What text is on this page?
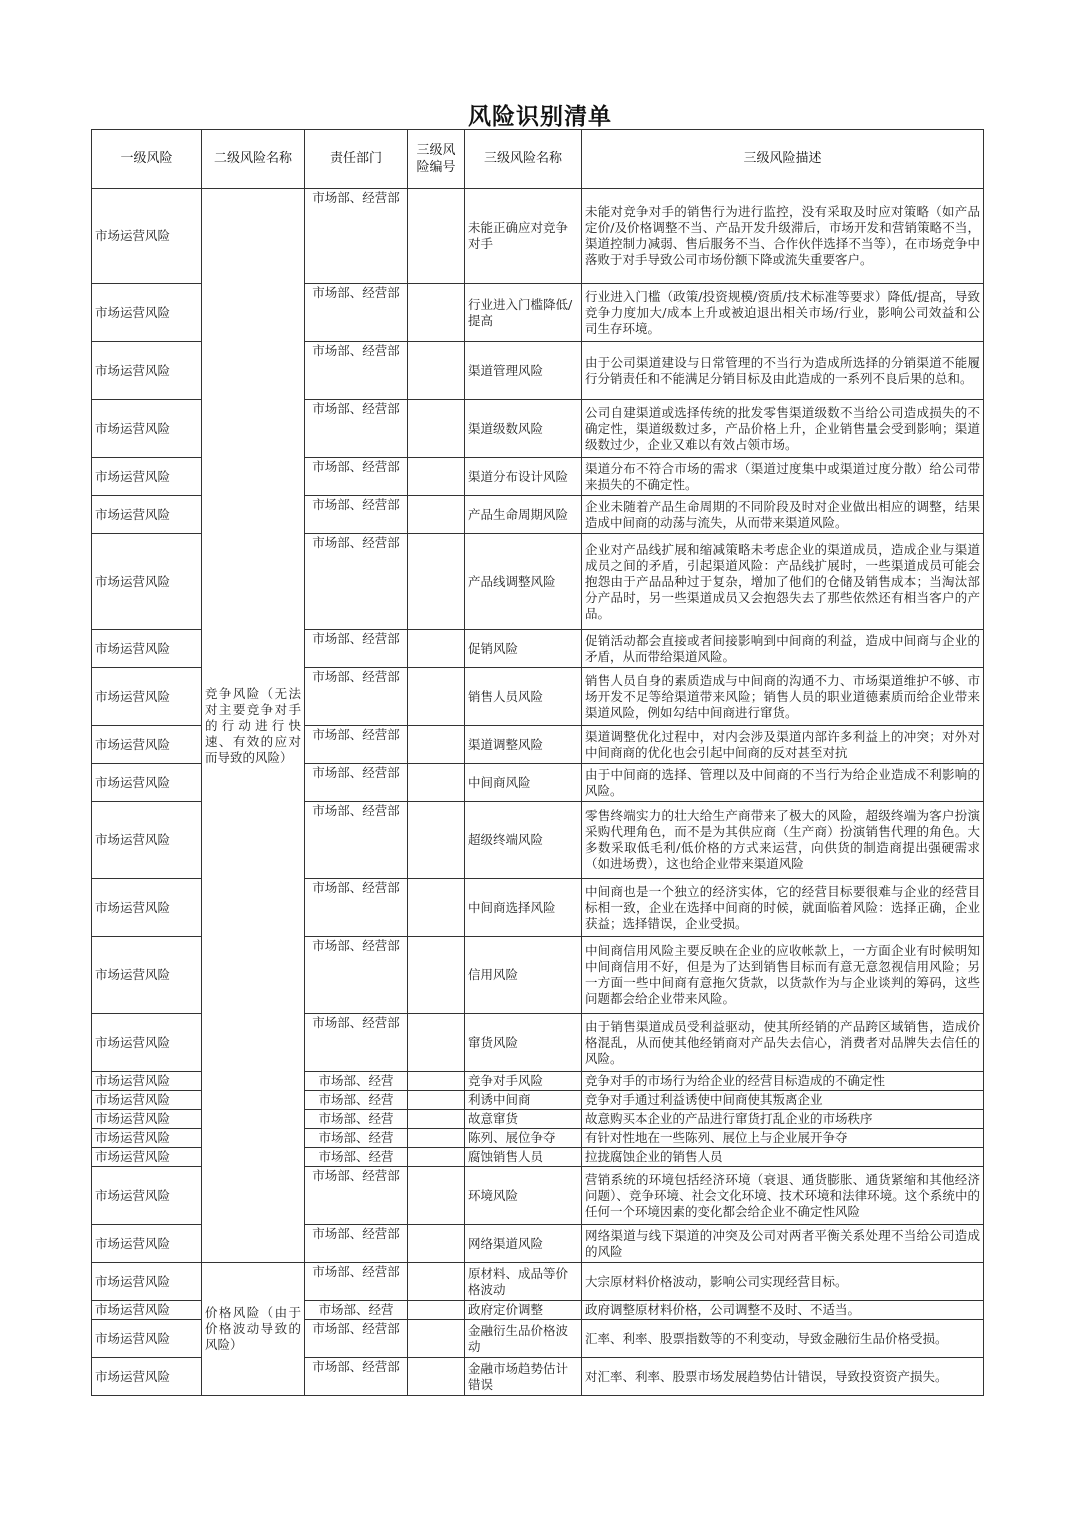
风险识别清单
一级风险	二级风险名称	责任部门	三级风险编号	三级风险名称	三级风险描述
市场运营风险	竞争风险（无法对主要竞争对手的行动进行快速、有效的应对而导致的风险）	市场部、经营部		未能正确应对竞争对手	未能对竞争对手的销售行为进行监控，没有采取及时应对策略（如产品定价/及价格调整不当、产品开发升级滞后，市场开发和营销策略不当，渠道控制力减弱、售后服务不当、合作伙伴选择不当等），在市场竞争中落败于对手导致公司市场份额下降或流失重要客户。

市场运营风险		市场部、经营部		行业进入门槛降低/提高	行业进入门槛（政策/投资规模/资质/技术标准等要求）降低/提高，导致竞争力度加大/成本上升或被迫退出相关市场/行业，影响公司效益和公司生存环境。

市场运营风险		市场部、经营部		渠道管理风险	由于公司渠道建设与日常管理的不当行为造成所选择的分销渠道不能履行分销责任和不能满足分销目标及由此造成的一系列不良后果的总和。

市场运营风险		市场部、经营部		渠道级数风险	公司自建渠道或选择传统的批发零售渠道级数不当给公司造成损失的不确定性，渠道级数过多，产品价格上升，企业销售量会受到影响；渠道级数过少，企业又难以有效占领市场。

市场运营风险		市场部、经营部		渠道分布设计风险	渠道分布不符合市场的需求（渠道过度集中或渠道过度分散）给公司带来损失的不确定性。

市场运营风险		市场部、经营部		产品生命周期风险	企业未随着产品生命周期的不同阶段及时对企业做出相应的调整，结果造成中间商的动荡与流失，从而带来渠道风险。

市场运营风险		市场部、经营部		产品线调整风险	企业对产品线扩展和缩减策略未考虑企业的渠道成员，造成企业与渠道成员之间的矛盾，引起渠道风险：产品线扩展时，一些渠道成员可能会抱怨由于产品品种过于复杂，增加了他们的仓储及销售成本；当淘汰部分产品时，另一些渠道成员又会抱怨失去了那些依然还有相当客户的产品。

市场运营风险		市场部、经营部		促销风险	促销活动都会直接或者间接影响到中间商的利益，造成中间商与企业的矛盾，从而带给渠道风险。

市场运营风险		市场部、经营部		销售人员风险	销售人员自身的素质造成与中间商的沟通不力、市场渠道维护不够、市场开发不足等给渠道带来风险；销售人员的职业道德素质而给企业带来渠道风险，例如勾结中间商进行窜货。

市场运营风险		市场部、经营部		渠道调整风险	渠道调整优化过程中，对内会涉及渠道内部许多利益上的冲突；对外对中间商商的优化也会引起中间商的反对甚至对抗

市场运营风险		市场部、经营部		中间商风险	由于中间商的选择、管理以及中间商的不当行为给企业造成不利影响的风险。

市场运营风险		市场部、经营部		超级终端风险	零售终端实力的壮大给生产商带来了极大的风险，超级终端为客户扮演采购代理角色，而不是为其供应商（生产商）扮演销售代理的角色。大多数采取低毛利/低价格的方式来运营，向供货的制造商提出强硬需求（如进场费），这也给企业带来渠道风险

市场运营风险		市场部、经营部		中间商选择风险	中间商也是一个独立的经济实体，它的经营目标要很难与企业的经营目标相一致，企业在选择中间商的时候，就面临着风险：选择正确，企业获益；选择错误，企业受损。

市场运营风险		市场部、经营部		信用风险	中间商信用风险主要反映在企业的应收帐款上，一方面企业有时候明知中间商信用不好，但是为了达到销售目标而有意无意忽视信用风险；另一方面一些中间商有意拖欠货款，以货款作为与企业谈判的筹码，这些问题都会给企业带来风险。

市场运营风险		市场部、经营部		窜货风险	由于销售渠道成员受利益驱动，使其所经销的产品跨区域销售，造成价格混乱，从而使其他经销商对产品失去信心，消费者对品牌失去信任的风险。

市场运营风险		市场部、经营		竞争对手风险	竞争对手的市场行为给企业的经营目标造成的不确定性

市场运营风险		市场部、经营		利诱中间商	竞争对手通过利益诱使中间商使其叛离企业

市场运营风险		市场部、经营		故意窜货	故意购买本企业的产品进行窜货打乱企业的市场秩序

市场运营风险		市场部、经营		陈列、展位争夺	有针对性地在一些陈列、展位上与企业展开争夺

市场运营风险		市场部、经营		腐蚀销售人员	拉拢腐蚀企业的销售人员

市场运营风险		市场部、经营部		环境风险	营销系统的环境包括经济环境（衰退、通货膨胀、通货紧缩和其他经济问题）、竞争环境、社会文化环境、技术环境和法律环境。这个系统中的任何一个环境因素的变化都会给企业不确定性风险

市场运营风险		市场部、经营部		网络渠道风险	网络渠道与线下渠道的冲突及公司对两者平衡关系处理不当给公司造成的风险

市场运营风险	价格风险（由于价格波动导致的风险）	市场部、经营部		原材料、成品等价格波动	大宗原材料价格波动，影响公司实现经营目标。

市场运营风险		市场部、经营		政府定价调整	政府调整原材料价格，公司调整不及时、不适当。

市场运营风险		市场部、经营部		金融衍生品价格波动	汇率、利率、股票指数等的不利变动，导致金融衍生品价格受损。

市场运营风险		市场部、经营部		金融市场趋势估计错误	对汇率、利率、股票市场发展趋势估计错误，导致投资资产损失。
